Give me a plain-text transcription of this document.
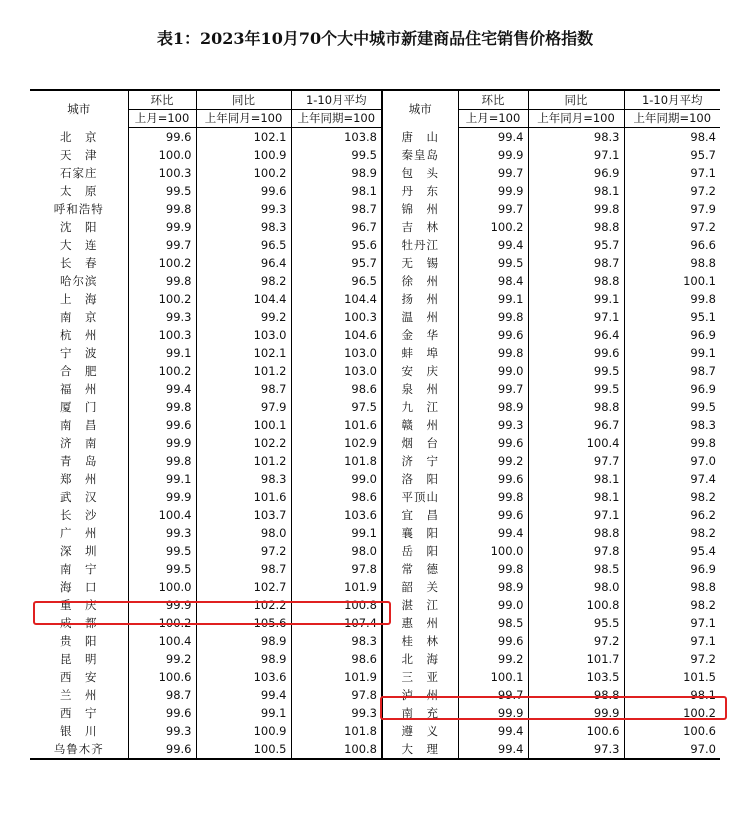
表1：2023年10月70个大中城市新建商品住宅销售价格指数
城市	环比	同比	1-10月平均	城市	环比	同比	1-10月平均
	上月=100	上年同月=100	上年同期=100		上月=100	上年同月=100	上年同期=100
北　京	99.6	102.1	103.8	唐　山	99.4	98.3	98.4
天　津	100.0	100.9	99.5	秦皇岛	99.9	97.1	95.7
石家庄	100.3	100.2	98.9	包　头	99.7	96.9	97.1
太　原	99.5	99.6	98.1	丹　东	99.9	98.1	97.2
呼和浩特	99.8	99.3	98.7	锦　州	99.7	99.8	97.9
沈　阳	99.9	98.3	96.7	吉　林	100.2	98.8	97.2
大　连	99.7	96.5	95.6	牡丹江	99.4	95.7	96.6
长　春	100.2	96.4	95.7	无　锡	99.5	98.7	98.8
哈尔滨	99.8	98.2	96.5	徐　州	98.4	98.8	100.1
上　海	100.2	104.4	104.4	扬　州	99.1	99.1	99.8
南　京	99.3	99.2	100.3	温　州	99.8	97.1	95.1
杭　州	100.3	103.0	104.6	金　华	99.6	96.4	96.9
宁　波	99.1	102.1	103.0	蚌　埠	99.8	99.6	99.1
合　肥	100.2	101.2	103.0	安　庆	99.0	99.5	98.7
福　州	99.4	98.7	98.6	泉　州	99.7	99.5	96.9
厦　门	99.8	97.9	97.5	九　江	98.9	98.8	99.5
南　昌	99.6	100.1	101.6	赣　州	99.3	96.7	98.3
济　南	99.9	102.2	102.9	烟　台	99.6	100.4	99.8
青　岛	99.8	101.2	101.8	济　宁	99.2	97.7	97.0
郑　州	99.1	98.3	99.0	洛　阳	99.6	98.1	97.4
武　汉	99.9	101.6	98.6	平顶山	99.8	98.1	98.2
长　沙	100.4	103.7	103.6	宜　昌	99.6	97.1	96.2
广　州	99.3	98.0	99.1	襄　阳	99.4	98.8	98.2
深　圳	99.5	97.2	98.0	岳　阳	100.0	97.8	95.4
南　宁	99.5	98.7	97.8	常　德	99.8	98.5	96.9
海　口	100.0	102.7	101.9	韶　关	98.9	98.0	98.8
重　庆	99.9	102.2	100.8	湛　江	99.0	100.8	98.2
成　都	100.2	105.6	107.4	惠　州	98.5	95.5	97.1
贵　阳	100.4	98.9	98.3	桂　林	99.6	97.2	97.1
昆　明	99.2	98.9	98.6	北　海	99.2	101.7	97.2
西　安	100.6	103.6	101.9	三　亚	100.1	103.5	101.5
兰　州	98.7	99.4	97.8	泸　州	99.7	98.8	98.1
西　宁	99.6	99.1	99.3	南　充	99.9	99.9	100.2
银　川	99.3	100.9	101.8	遵　义	99.4	100.6	100.6
乌鲁木齐	99.6	100.5	100.8	大　理	99.4	97.3	97.0
